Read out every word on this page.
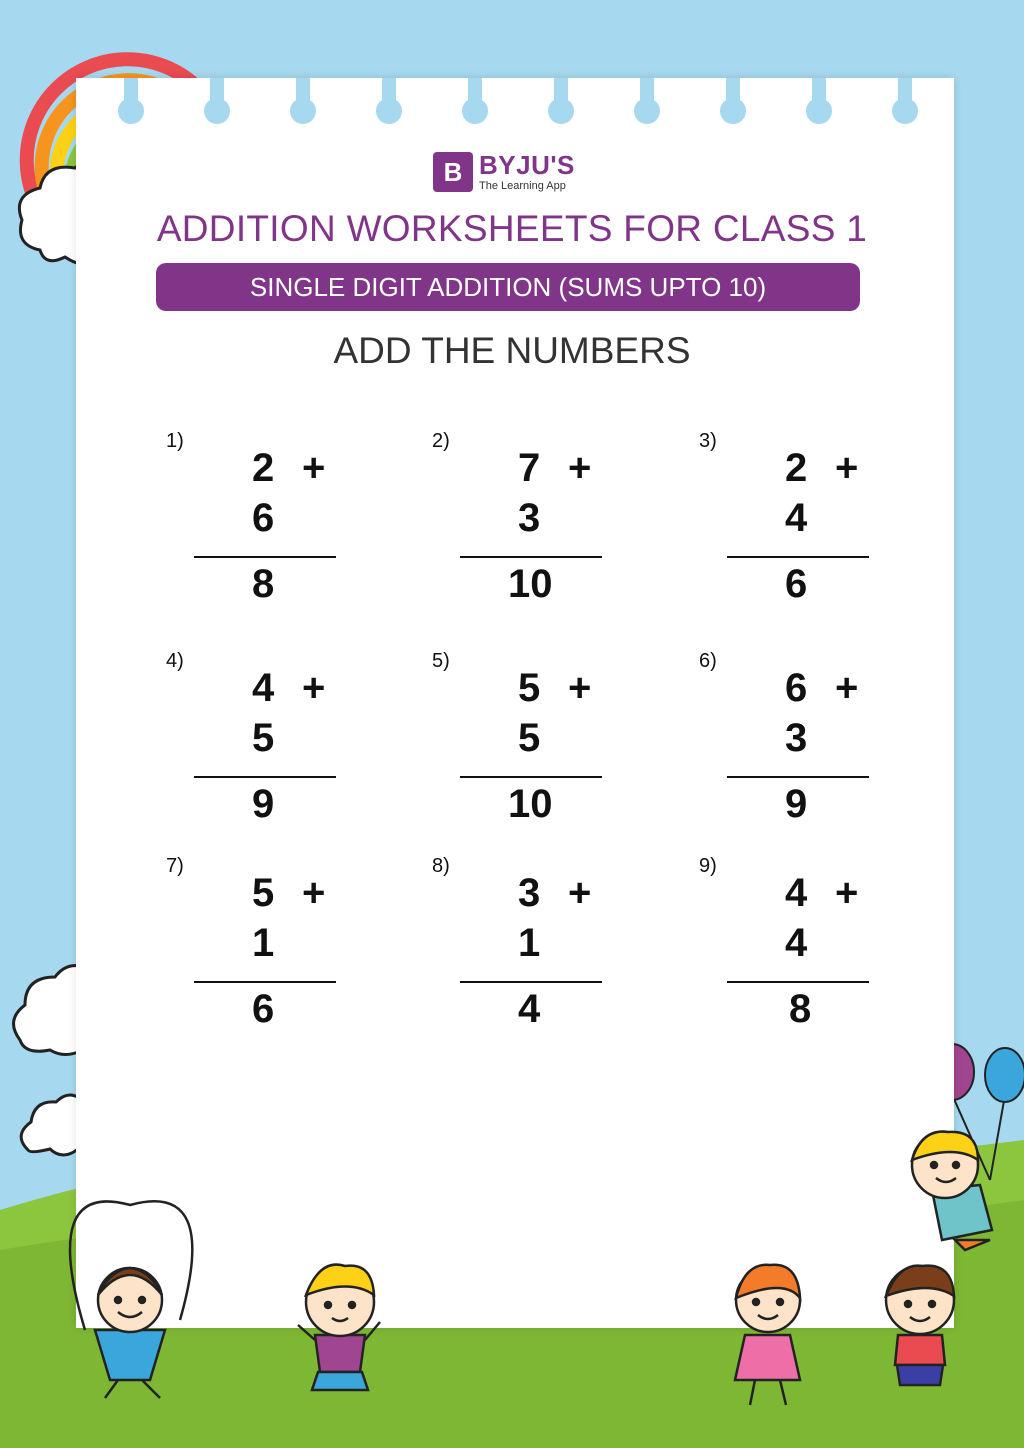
B BYJU'S
The Learning App
ADDITION WORKSHEETS FOR CLASS 1
SINGLE DIGIT ADDITION (SUMS UPTO 10)
ADD THE NUMBERS
1)
2 +
6
8
2)
7 +
3
10
3)
2 +
4
6
4)
4 +
5
9
5)
5 +
5
10
6)
6 +
3
9
7)
5 +
1
6
8)
3 +
1
4
9)
4 +
4
8
